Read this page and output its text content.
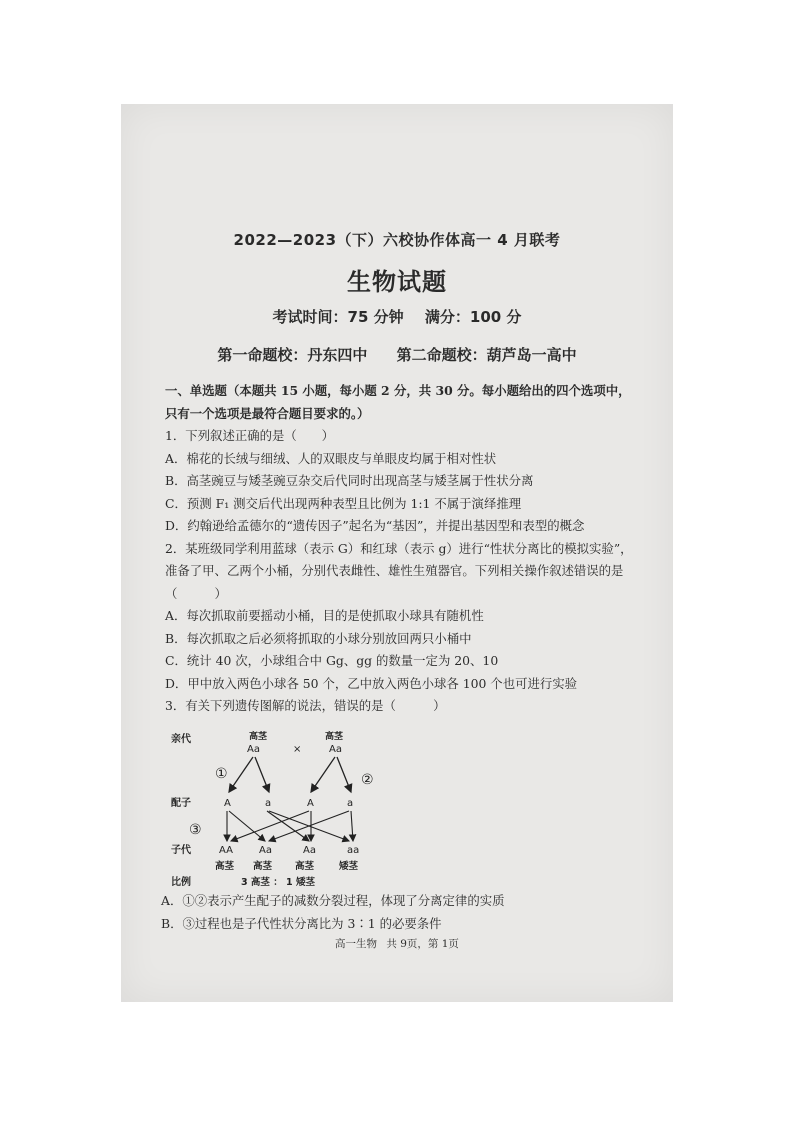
2022—2023（下）六校协作体高一 4 月联考
生物试题
考试时间：75 分钟 满分：100 分
第一命题校：丹东四中 第二命题校：葫芦岛一高中

一、单选题（本题共 15 小题，每小题 2 分，共 30 分。每小题给出的四个选项中，只有一个选项是最符合题目要求的。）

1．下列叙述正确的是（　　）

A．棉花的长绒与细绒、人的双眼皮与单眼皮均属于相对性状

B．高茎豌豆与矮茎豌豆杂交后代同时出现高茎与矮茎属于性状分离

C．预测 F₁ 测交后代出现两种表型且比例为 1:1 不属于演绎推理

D．约翰逊给孟德尔的“遗传因子”起名为“基因”，并提出基因型和表型的概念

2．某班级同学利用蓝球（表示 G）和红球（表示 g）进行“性状分离比的模拟实验”，准备了甲、乙两个小桶，分别代表雌性、雄性生殖器官。下列相关操作叙述错误的是（　　　）

A．每次抓取前要摇动小桶，目的是使抓取小球具有随机性

B．每次抓取之后必须将抓取的小球分别放回两只小桶中

C．统计 40 次，小球组合中 Gg、gg 的数量一定为 20、10

D．甲中放入两色小球各 50 个，乙中放入两色小球各 100 个也可进行实验

3．有关下列遗传图解的说法，错误的是（　　　）

亲代
配子
子代
比例
高茎	高茎
Aa	×	Aa
①	②
③
A	a	A	a
AA	Aa	Aa	aa
高茎 高茎 高茎	矮茎
3 高茎 ： 1 矮茎

A．①②表示产生配子的减数分裂过程，体现了分离定律的实质

B．③过程也是子代性状分离比为 3∶1 的必要条件

高一生物 共 9页，第 1页
